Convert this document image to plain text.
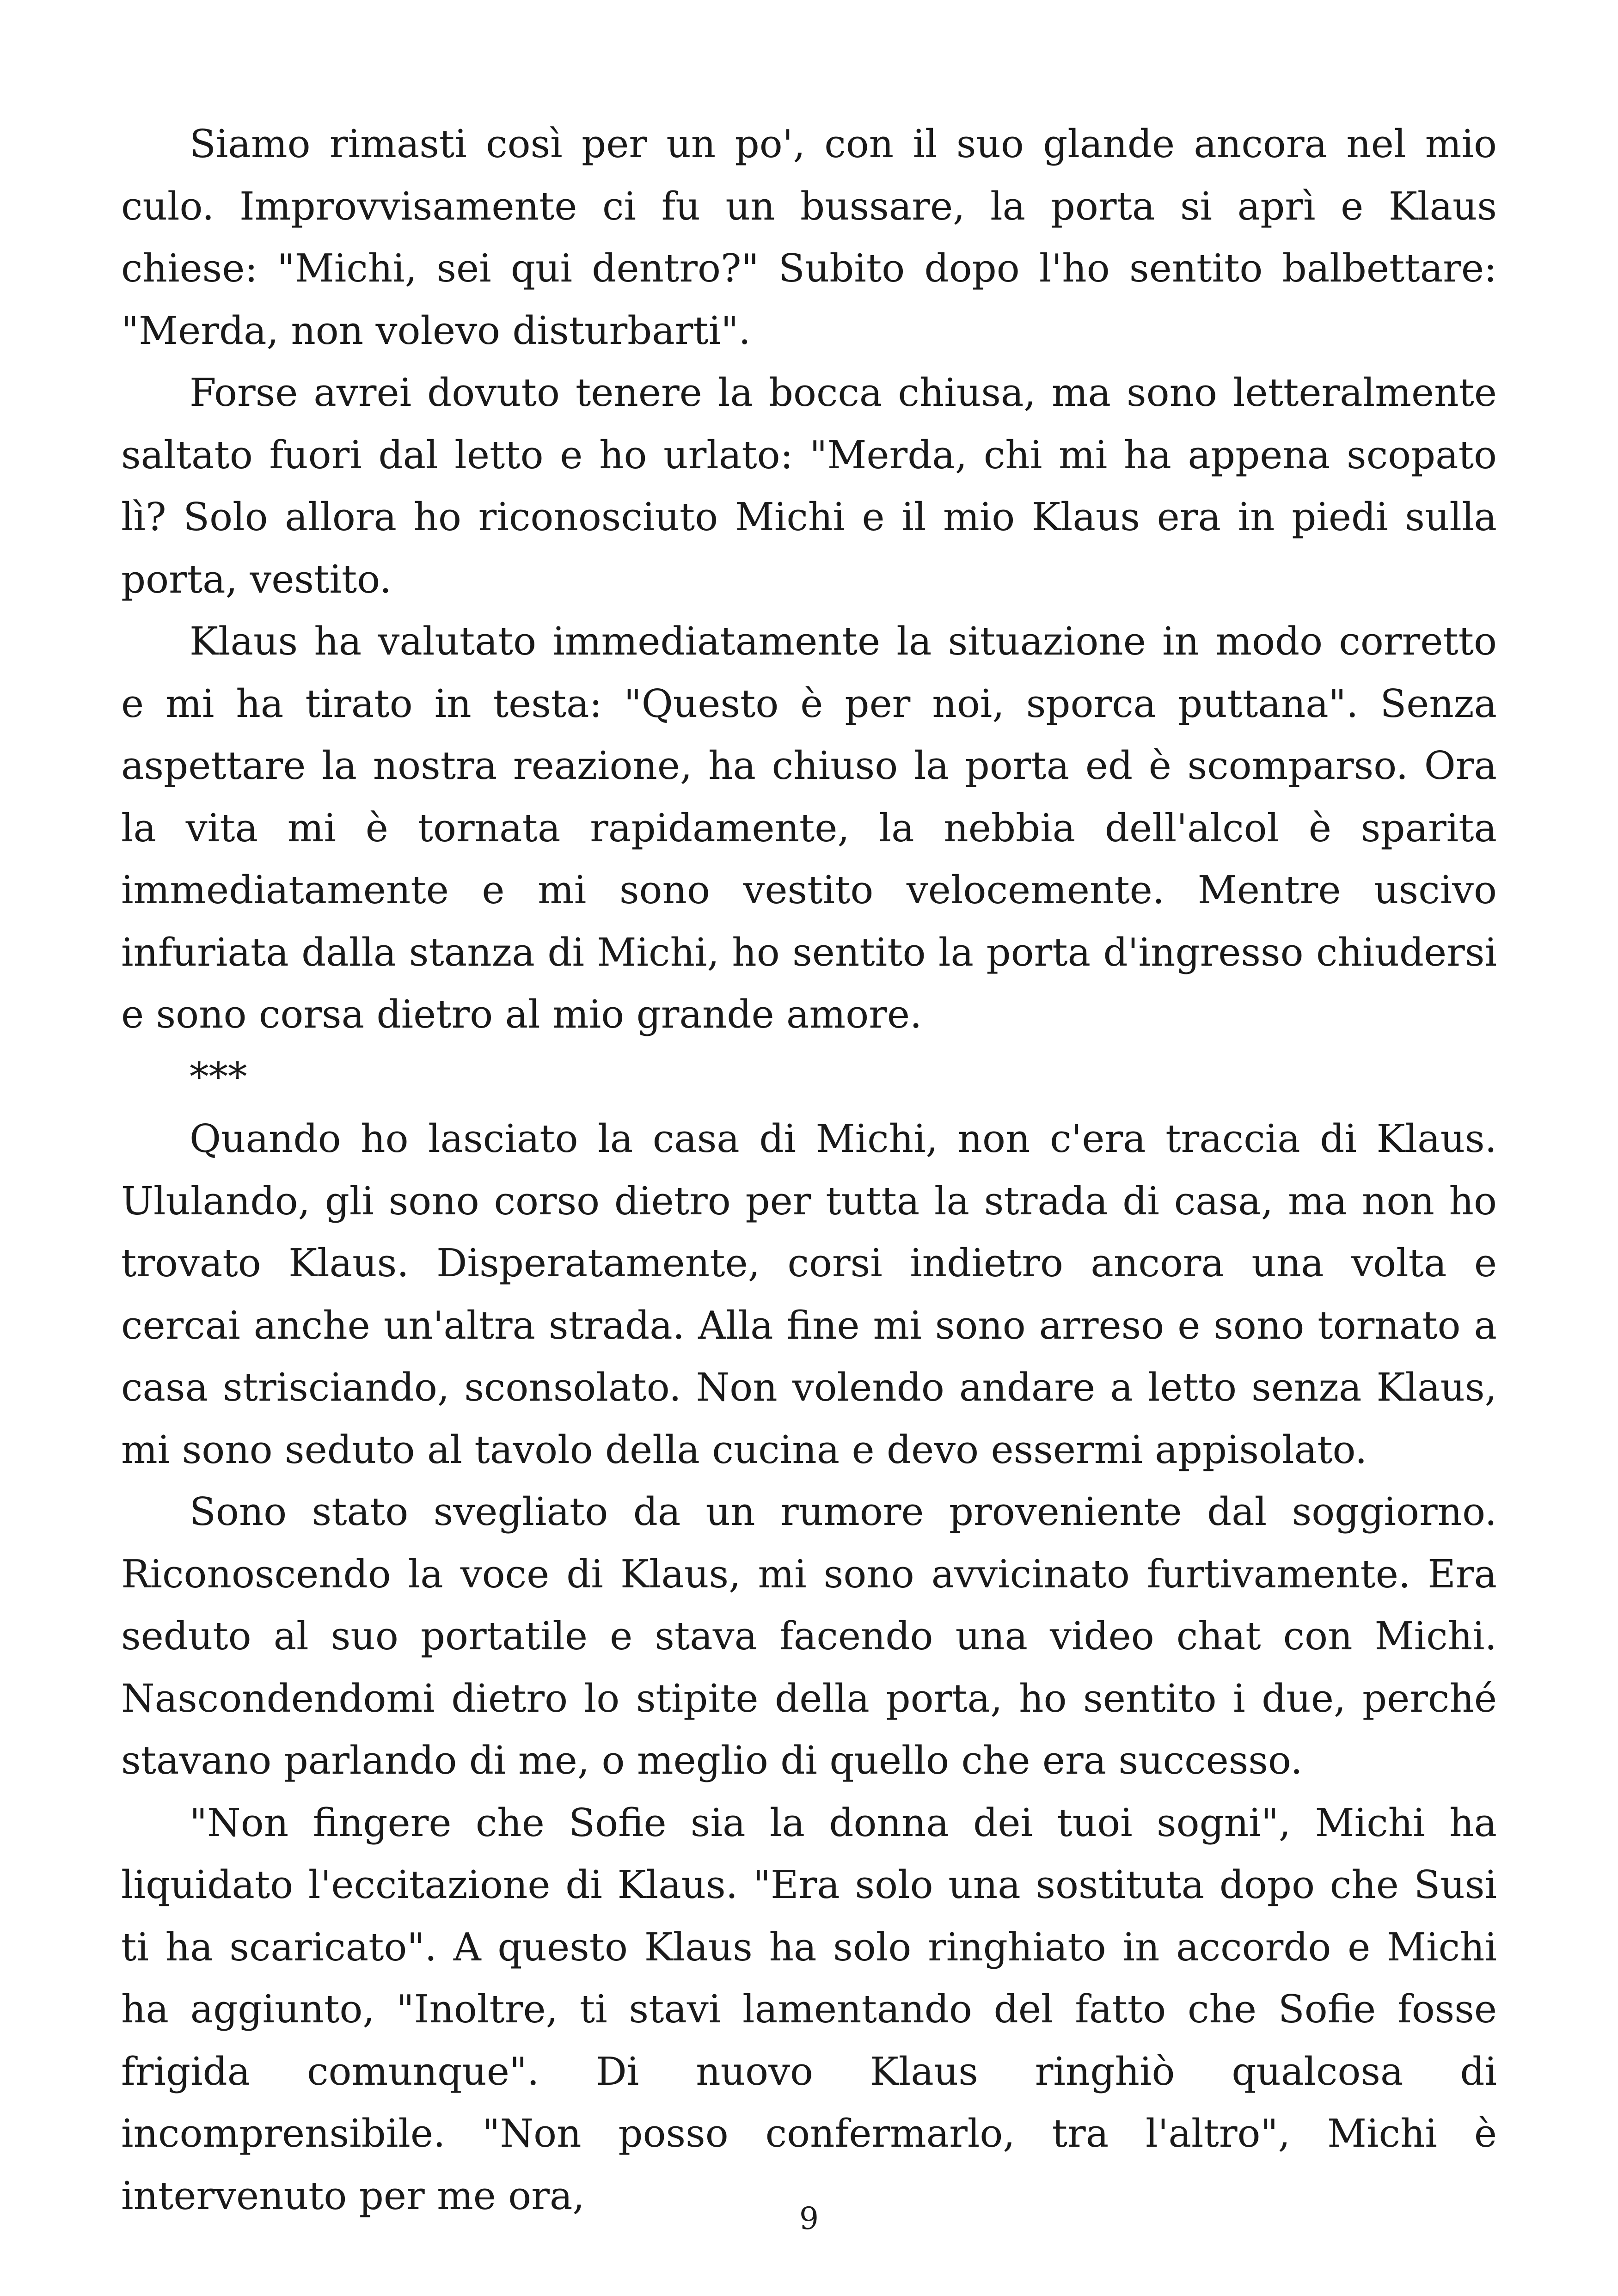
Siamo rimasti così per un po', con il suo glande ancora nel mio culo. Improvvisamente ci fu un bussare, la porta si aprì e Klaus chiese: "Michi, sei qui dentro?" Subito dopo l'ho sentito balbettare: "Merda, non volevo disturbarti".

Forse avrei dovuto tenere la bocca chiusa, ma sono letteralmente saltato fuori dal letto e ho urlato: "Merda, chi mi ha appena scopato lì? Solo allora ho riconosciuto Michi e il mio Klaus era in piedi sulla porta, vestito.

Klaus ha valutato immediatamente la situazione in modo corretto e mi ha tirato in testa: "Questo è per noi, sporca puttana". Senza aspettare la nostra reazione, ha chiuso la porta ed è scomparso. Ora la vita mi è tornata rapidamente, la nebbia dell'alcol è sparita immediatamente e mi sono vestito velocemente. Mentre uscivo infuriata dalla stanza di Michi, ho sentito la porta d'ingresso chiudersi e sono corsa dietro al mio grande amore.

***

Quando ho lasciato la casa di Michi, non c'era traccia di Klaus. Ululando, gli sono corso dietro per tutta la strada di casa, ma non ho trovato Klaus. Disperatamente, corsi indietro ancora una volta e cercai anche un'altra strada. Alla fine mi sono arreso e sono tornato a casa strisciando, sconsolato. Non volendo andare a letto senza Klaus, mi sono seduto al tavolo della cucina e devo essermi appisolato.

Sono stato svegliato da un rumore proveniente dal soggiorno. Riconoscendo la voce di Klaus, mi sono avvicinato furtivamente. Era seduto al suo portatile e stava facendo una video chat con Michi. Nascondendomi dietro lo stipite della porta, ho sentito i due, perché stavano parlando di me, o meglio di quello che era successo.

"Non fingere che Sofie sia la donna dei tuoi sogni", Michi ha liquidato l'eccitazione di Klaus. "Era solo una sostituta dopo che Susi ti ha scaricato". A questo Klaus ha solo ringhiato in accordo e Michi ha aggiunto, "Inoltre, ti stavi lamentando del fatto che Sofie fosse frigida comunque". Di nuovo Klaus ringhiò qualcosa di incomprensibile. "Non posso confermarlo, tra l'altro", Michi è intervenuto per me ora,

9
